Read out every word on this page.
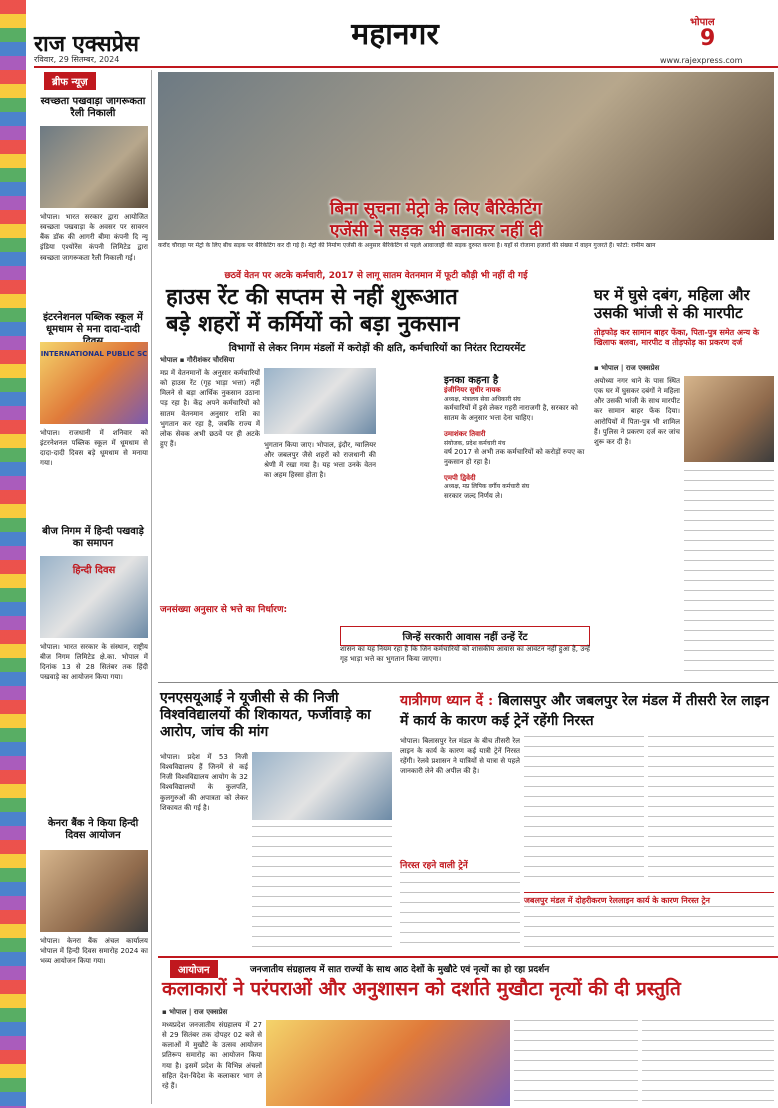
राज एक्सप्रेस
रविवार, 29 सितम्बर, 2024
महानगर	भोपाल
9
www.rajexpress.com
ब्रीफ न्यूज़
स्वच्छता पखवाड़ा जागरूकता रैली निकाली
भोपाल। भारत सरकार द्वारा आयोजित स्वच्छता पखवाड़ा के अवसर पर सावरन बैंक डॉक की आगरी बीमा कंपनी दि न्यू इंडिया एश्योरेंस कंपनी लिमिटेड द्वारा स्वच्छता जागरूकता रैली निकाली गई।
इंटरनेशनल पब्लिक स्कूल में धूमधाम से मना दादा-दादी
INTERNATIONAL PUBLIC SC
भोपाल। राजधानी में शनिवार को इंटरनेशनल पब्लिक स्कूल में धूमधाम से दादा-दादी दिवस बड़े धूमधाम से मनाया गया।
बीज निगम में हिन्दी पखवाड़े का समापन
हिन्दी दिवस
भोपाल। भारत सरकार के संस्थान, राष्ट्रीय बीज निगम लिमिटेड क्षे.का. भोपाल में दिनांक 13 से 28 सितंबर तक हिंदी पखवाड़े का आयोजन किया गया।
केनरा बैंक ने किया हिन्दी दिवस आयोजन
भोपाल। केनरा बैंक अंचल कार्यालय भोपाल में हिन्दी दिवस समारोह 2024 का भव्य आयोजन किया गया।
बिना सूचना मेट्रो के लिए बैरिकेटिंग
एजेंसी ने सड़क भी बनाकर नहीं दी
करोंद चौराहा पर मेट्रो के लिए बीच सड़क पर बैरिकेटिंग कर दी गई है। मेट्रो की निर्माण एजेंसी के अनुसार बैरिकेटिंग से पहले आवाजाही की सड़क दुरुस्त करना है। यहाँ से रोजाना हजारों की संख्या में वाहन गुजरते हैं। फोटो: रामीम खान
छठवें वेतन पर अटके कर्मचारी, 2017 से लागू सातम वेतनमान में फूटी कौड़ी भी नहीं दी गई
हाउस रेंट की सप्तम से नहीं शुरूआत
बड़े शहरों में कर्मियों को बड़ा नुकसान
विभागों से लेकर निगम मंडलों में करोड़ों की क्षति, कर्मचारियों का निरंतर रिटायरमेंट
भोपाल ▪ गौरीशंकर चौरसिया
मप्र में वेतनमानों के अनुसार कर्मचारियों को हाउस रेंट (गृह भाड़ा भत्ता) नहीं मिलने से बड़ा आर्थिक नुकसान उठाना पड़ रहा है। केंद्र अपने कर्मचारियों को सातम वेतनमान अनुसार राशि का भुगतान कर रहा है, जबकि राज्य में लोक सेवक अभी छठवें पर ही अटके हुए हैं।	भुगतान किया जाए। भोपाल, इंदौर, ग्वालियर और जबलपुर जैसे शहरों को राजधानी की श्रेणी में रखा गया है। यह भत्ता उनके वेतन का अहम हिस्सा होता है।
जनसंख्या अनुसार से भत्ते का निर्धारण:
इनका कहना है
इंजीनियर सुधीर नायक
अध्यक्ष, मंत्रालय सेवा अधिकारी संघ
कर्मचारियों में इसे लेकर गहरी नाराजगी है, सरकार को सातम के अनुसार भत्ता देना चाहिए।
उमाशंकर तिवारी
संयोजक, प्रदेश कर्मचारी मंच
वर्ष 2017 से अभी तक कर्मचारियों को करोड़ों रुपए का नुकसान हो रहा है।
एमपी द्विवेदी
अध्यक्ष, मप्र लिपिक वर्गीय कर्मचारी संघ
सरकार जल्द निर्णय ले।
जिन्हें सरकारी आवास नहीं उन्हें रेंट
शासन का यह नियम रहा है कि जिन कर्मचारियों को शासकीय आवास का आवंटन नहीं हुआ है, उन्हें गृह भाड़ा भत्ते का भुगतान किया जाएगा।
घर में घुसे दबंग, महिला और
उसकी भांजी से की मारपीट
तोड़फोड़ कर सामान बाहर फेंका, पिता-पुत्र समेत अन्य के खिलाफ बलवा, मारपीट व तोड़फोड़ का प्रकरण दर्ज
▪ भोपाल | राज एक्सप्रेस
अयोध्या नगर थाने के पास स्थित एक घर में घुसकर दबंगों ने महिला और उसकी भांजी के साथ मारपीट कर सामान बाहर फेंक दिया। आरोपियों में पिता-पुत्र भी शामिल हैं। पुलिस ने प्रकरण दर्ज कर जांच शुरू कर दी है।
एनएसयूआई ने यूजीसी से की निजी विश्वविद्यालयों की शिकायत, फर्जीवाड़े का आरोप, जांच की मांग
भोपाल। प्रदेश में 53 निजी विश्वविद्यालय हैं जिनमें से कई निजी विश्वविद्यालय आयोग के 32 विश्वविद्यालयों के कुलपति, कुलगुरुओं की अपात्रता को लेकर शिकायत की गई है।
यात्रीगण ध्यान दें : बिलासपुर और जबलपुर रेल मंडल में तीसरी रेल लाइन में कार्य के कारण कई ट्रेनें रहेंगी निरस्त
भोपाल। बिलासपुर रेल मंडल के बीच तीसरी रेल लाइन के कार्य के कारण कई यात्री ट्रेनें निरस्त रहेंगी। रेलवे प्रशासन ने यात्रियों से यात्रा से पहले जानकारी लेने की अपील की है।
निरस्त रहने वाली ट्रेनें
जबलपुर मंडल में दोहरीकरण रेललाइन कार्य के कारण निरस्त ट्रेन
आयोजन	जनजातीय संग्रहालय में सात राज्यों के साथ आठ देशों के मुखौटे एवं नृत्यों का हो रहा प्रदर्शन
कलाकारों ने परंपराओं और अनुशासन को दर्शाते मुखौटा नृत्यों की दी प्रस्तुति
▪ भोपाल | राज एक्सप्रेस
मध्यप्रदेश जनजातीय संग्रहालय में 27 से 29 सितंबर तक दोपहर 02 बजे से कलाओं में मुखौटे के उत्सव आयोजन प्रतिरूप समारोह का आयोजन किया गया है। इसमें प्रदेश के विभिन्न अंचलों सहित देश-विदेश के कलाकार भाग ले रहे हैं।
